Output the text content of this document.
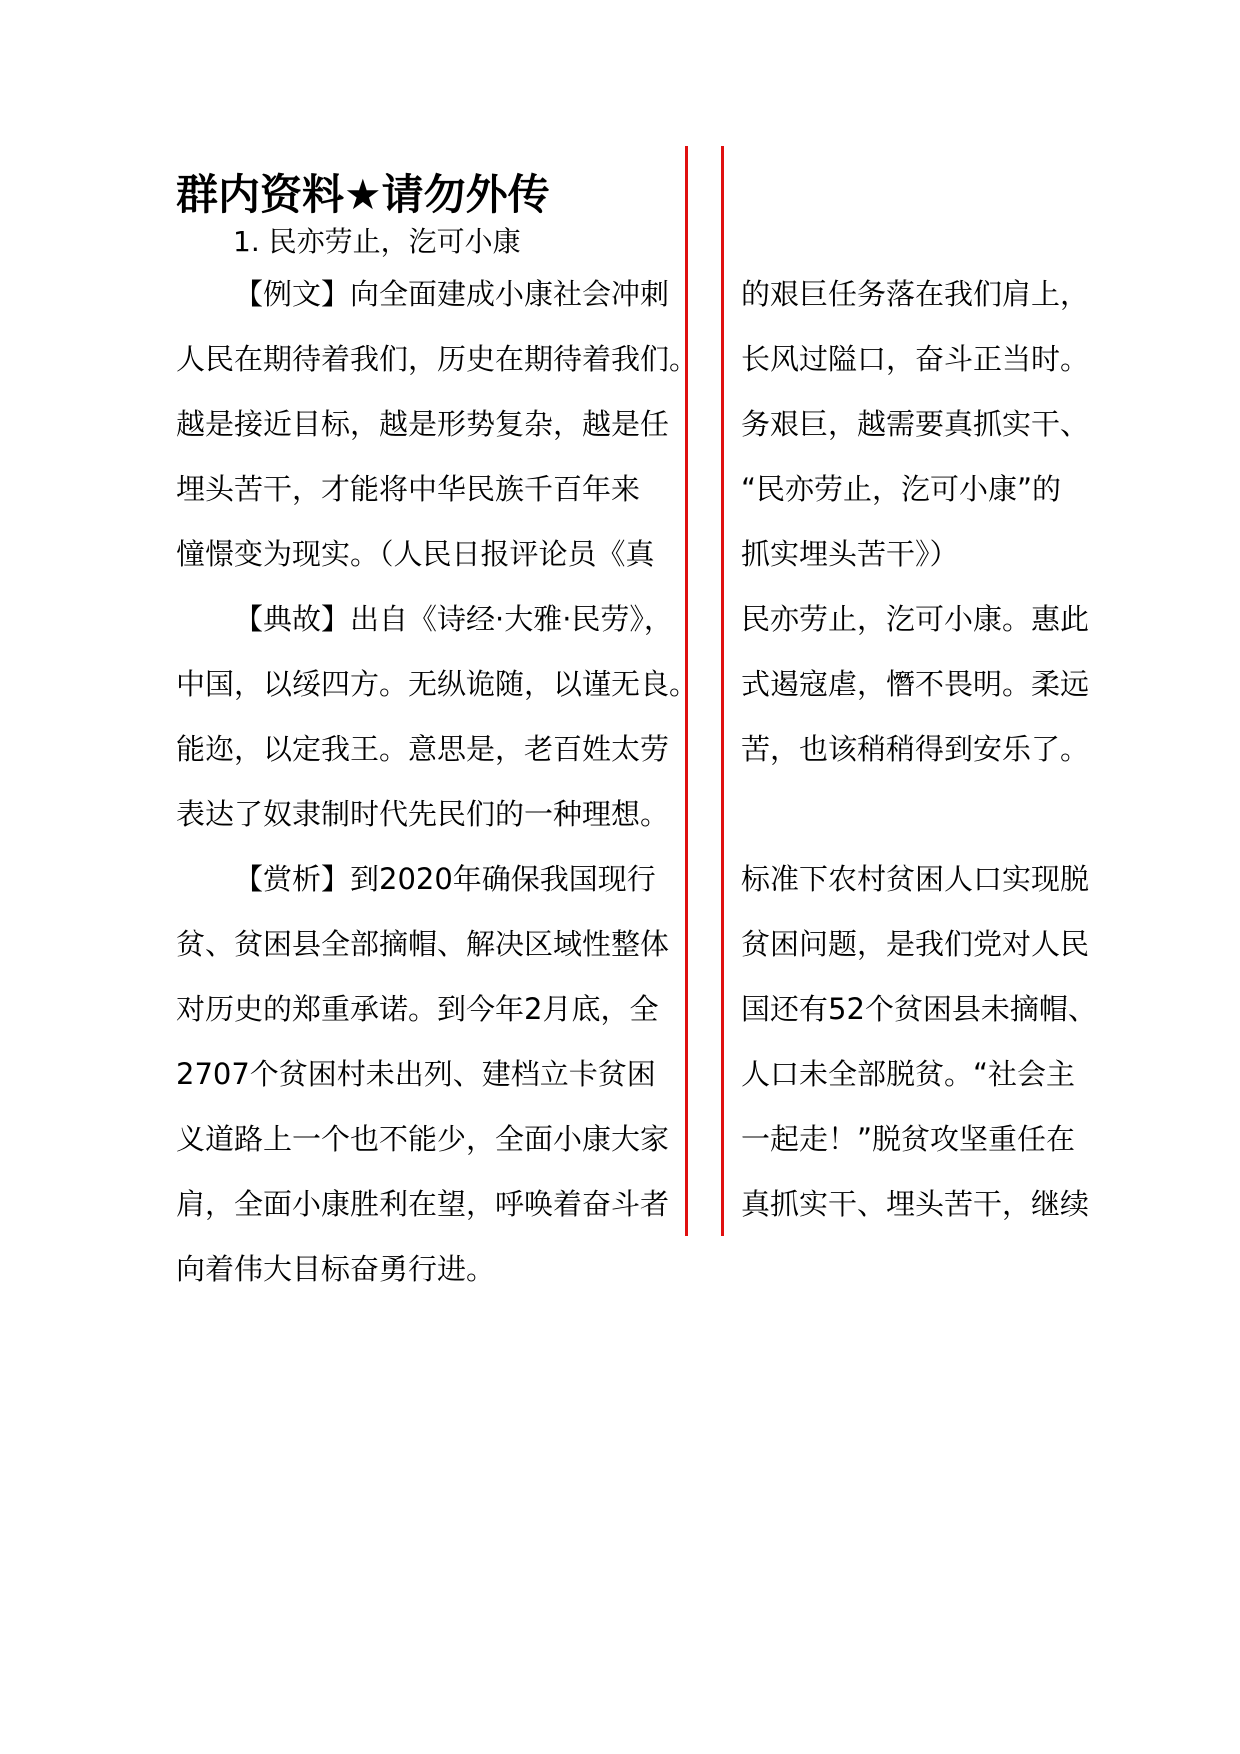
群内资料★请勿外传
1. 民亦劳止，汔可小康
【例文】向全面建成小康社会冲刺
人民在期待着我们，历史在期待着我们。
越是接近目标，越是形势复杂，越是任
埋头苦干，才能将中华民族千百年来
憧憬变为现实。（人民日报评论员《真
【典故】出自《诗经·大雅·民劳》，
中国，以绥四方。无纵诡随，以谨无良。
能迩，以定我王。意思是，老百姓太劳
表达了奴隶制时代先民们的一种理想。
【赏析】到2020年确保我国现行
贫、贫困县全部摘帽、解决区域性整体
对历史的郑重承诺。到今年2月底，全
2707个贫困村未出列、建档立卡贫困
义道路上一个也不能少，全面小康大家
肩，全面小康胜利在望，呼唤着奋斗者
向着伟大目标奋勇行进。
的艰巨任务落在我们肩上，
长风过隘口，奋斗正当时。
务艰巨，越需要真抓实干、
“民亦劳止，汔可小康”的
抓实埋头苦干》）
民亦劳止，汔可小康。惠此
式遏寇虐，憯不畏明。柔远
苦，也该稍稍得到安乐了。
标准下农村贫困人口实现脱
贫困问题，是我们党对人民
国还有52个贫困县未摘帽、
人口未全部脱贫。“社会主
一起走！”脱贫攻坚重任在
真抓实干、埋头苦干，继续
